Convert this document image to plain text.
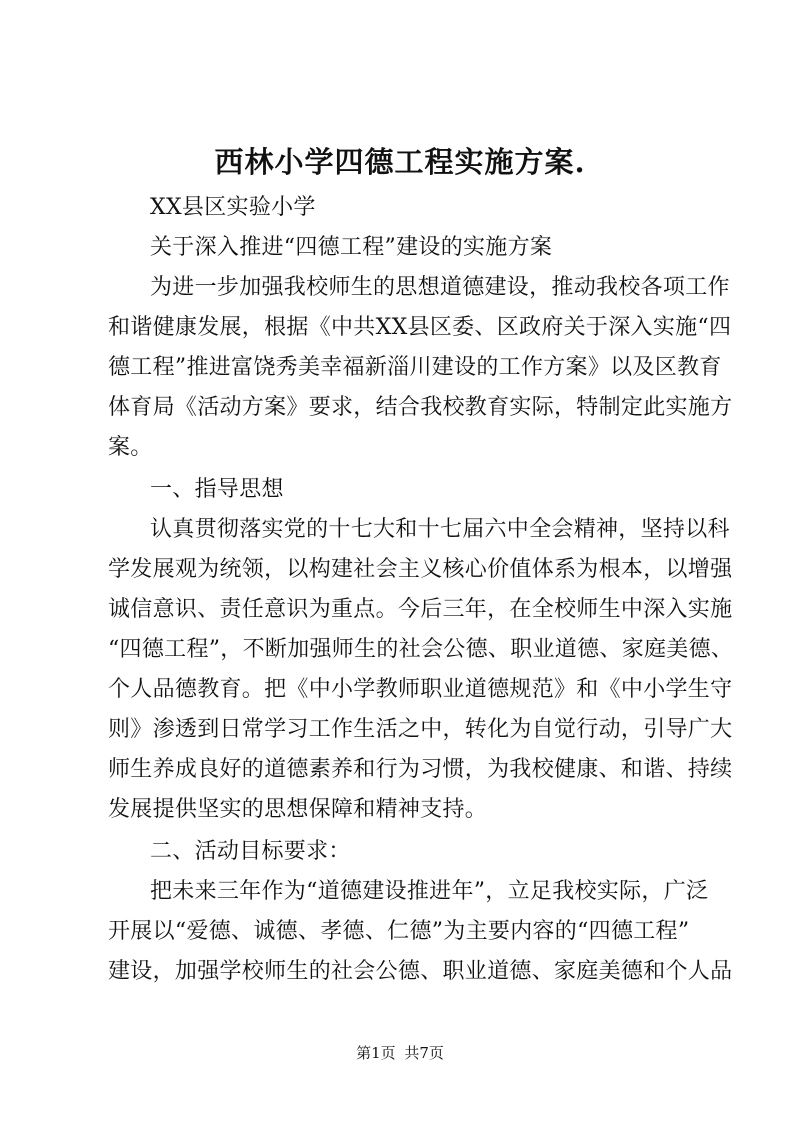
西林小学四德工程实施方案.
XX县区实验小学
关于深入推进“四德工程”建设的实施方案
为进一步加强我校师生的思想道德建设，推动我校各项工作
和谐健康发展，根据《中共XX县区委、区政府关于深入实施“四
德工程”推进富饶秀美幸福新淄川建设的工作方案》以及区教育
体育局《活动方案》要求，结合我校教育实际，特制定此实施方
案。
一、指导思想
认真贯彻落实党的十七大和十七届六中全会精神，坚持以科
学发展观为统领，以构建社会主义核心价值体系为根本，以增强
诚信意识、责任意识为重点。今后三年，在全校师生中深入实施
“四德工程”，不断加强师生的社会公德、职业道德、家庭美德、
个人品德教育。把《中小学教师职业道德规范》和《中小学生守
则》渗透到日常学习工作生活之中，转化为自觉行动，引导广大
师生养成良好的道德素养和行为习惯，为我校健康、和谐、持续
发展提供坚实的思想保障和精神支持。
二、活动目标要求：
把未来三年作为“道德建设推进年”，立足我校实际，广泛
开展以“爱德、诚德、孝德、仁德”为主要内容的“四德工程”
建设，加强学校师生的社会公德、职业道德、家庭美德和个人品
第1页 共7页
